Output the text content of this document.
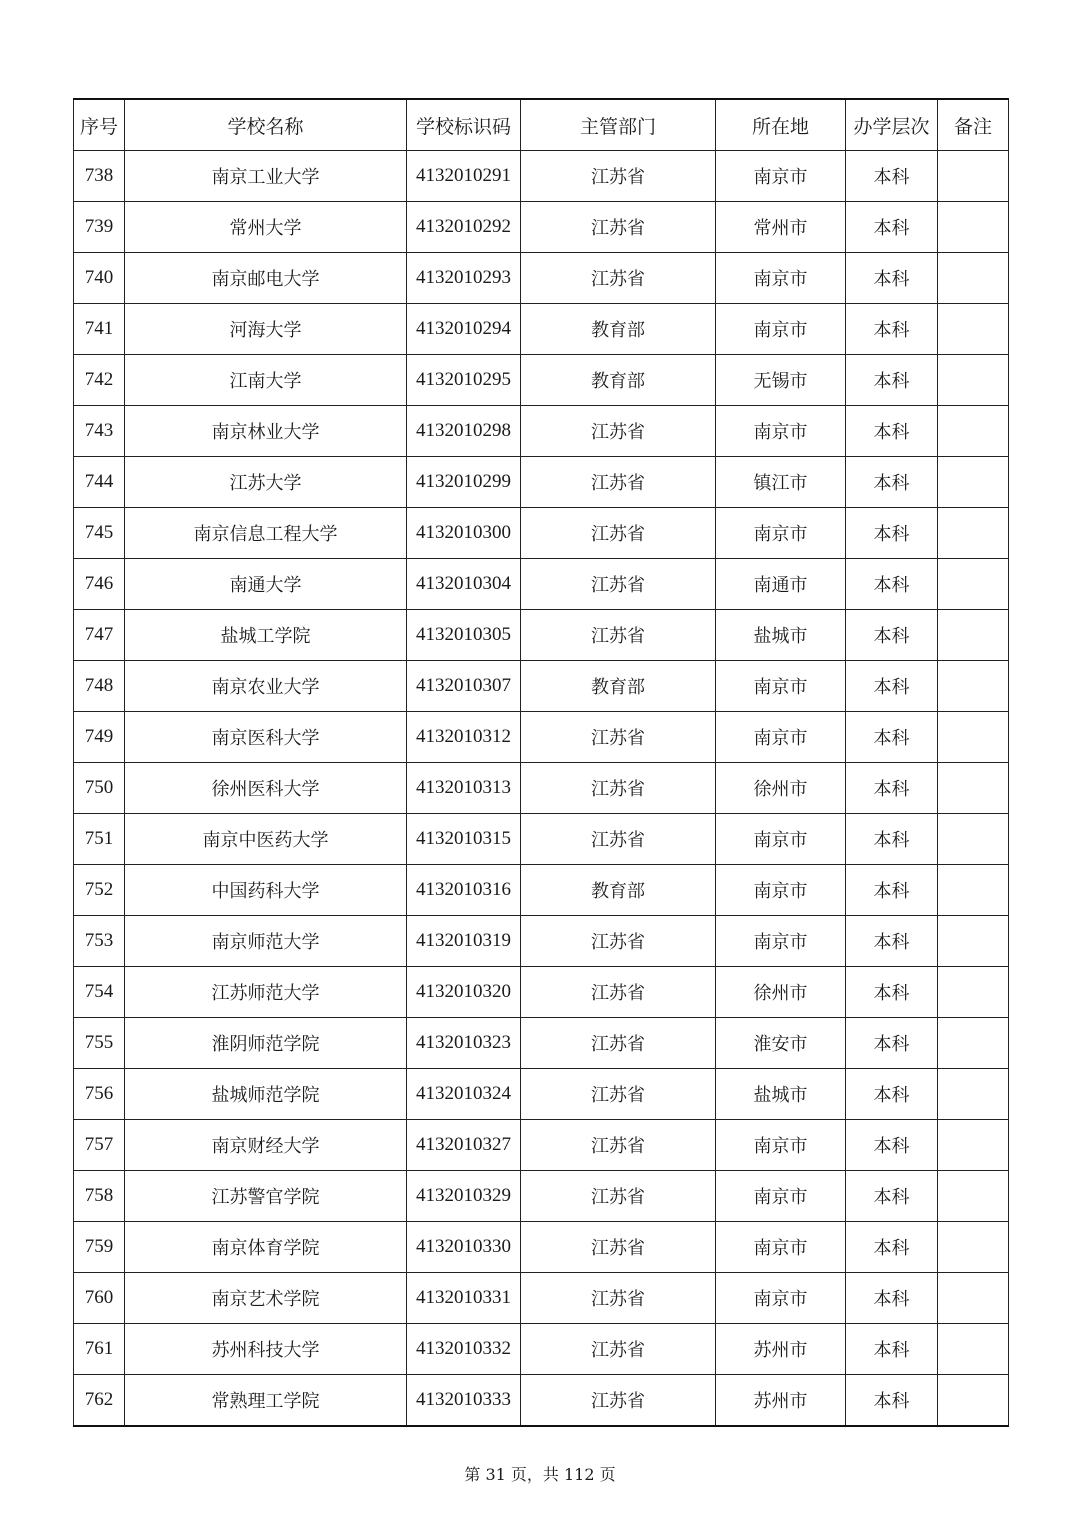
序号	学校名称	学校标识码	主管部门	所在地	办学层次	备注
738	南京工业大学	4132010291	江苏省	南京市	本科	
739	常州大学	4132010292	江苏省	常州市	本科	
740	南京邮电大学	4132010293	江苏省	南京市	本科	
741	河海大学	4132010294	教育部	南京市	本科	
742	江南大学	4132010295	教育部	无锡市	本科	
743	南京林业大学	4132010298	江苏省	南京市	本科	
744	江苏大学	4132010299	江苏省	镇江市	本科	
745	南京信息工程大学	4132010300	江苏省	南京市	本科	
746	南通大学	4132010304	江苏省	南通市	本科	
747	盐城工学院	4132010305	江苏省	盐城市	本科	
748	南京农业大学	4132010307	教育部	南京市	本科	
749	南京医科大学	4132010312	江苏省	南京市	本科	
750	徐州医科大学	4132010313	江苏省	徐州市	本科	
751	南京中医药大学	4132010315	江苏省	南京市	本科	
752	中国药科大学	4132010316	教育部	南京市	本科	
753	南京师范大学	4132010319	江苏省	南京市	本科	
754	江苏师范大学	4132010320	江苏省	徐州市	本科	
755	淮阴师范学院	4132010323	江苏省	淮安市	本科	
756	盐城师范学院	4132010324	江苏省	盐城市	本科	
757	南京财经大学	4132010327	江苏省	南京市	本科	
758	江苏警官学院	4132010329	江苏省	南京市	本科	
759	南京体育学院	4132010330	江苏省	南京市	本科	
760	南京艺术学院	4132010331	江苏省	南京市	本科	
761	苏州科技大学	4132010332	江苏省	苏州市	本科	
762	常熟理工学院	4132010333	江苏省	苏州市	本科	
第 31 页，共 112 页
